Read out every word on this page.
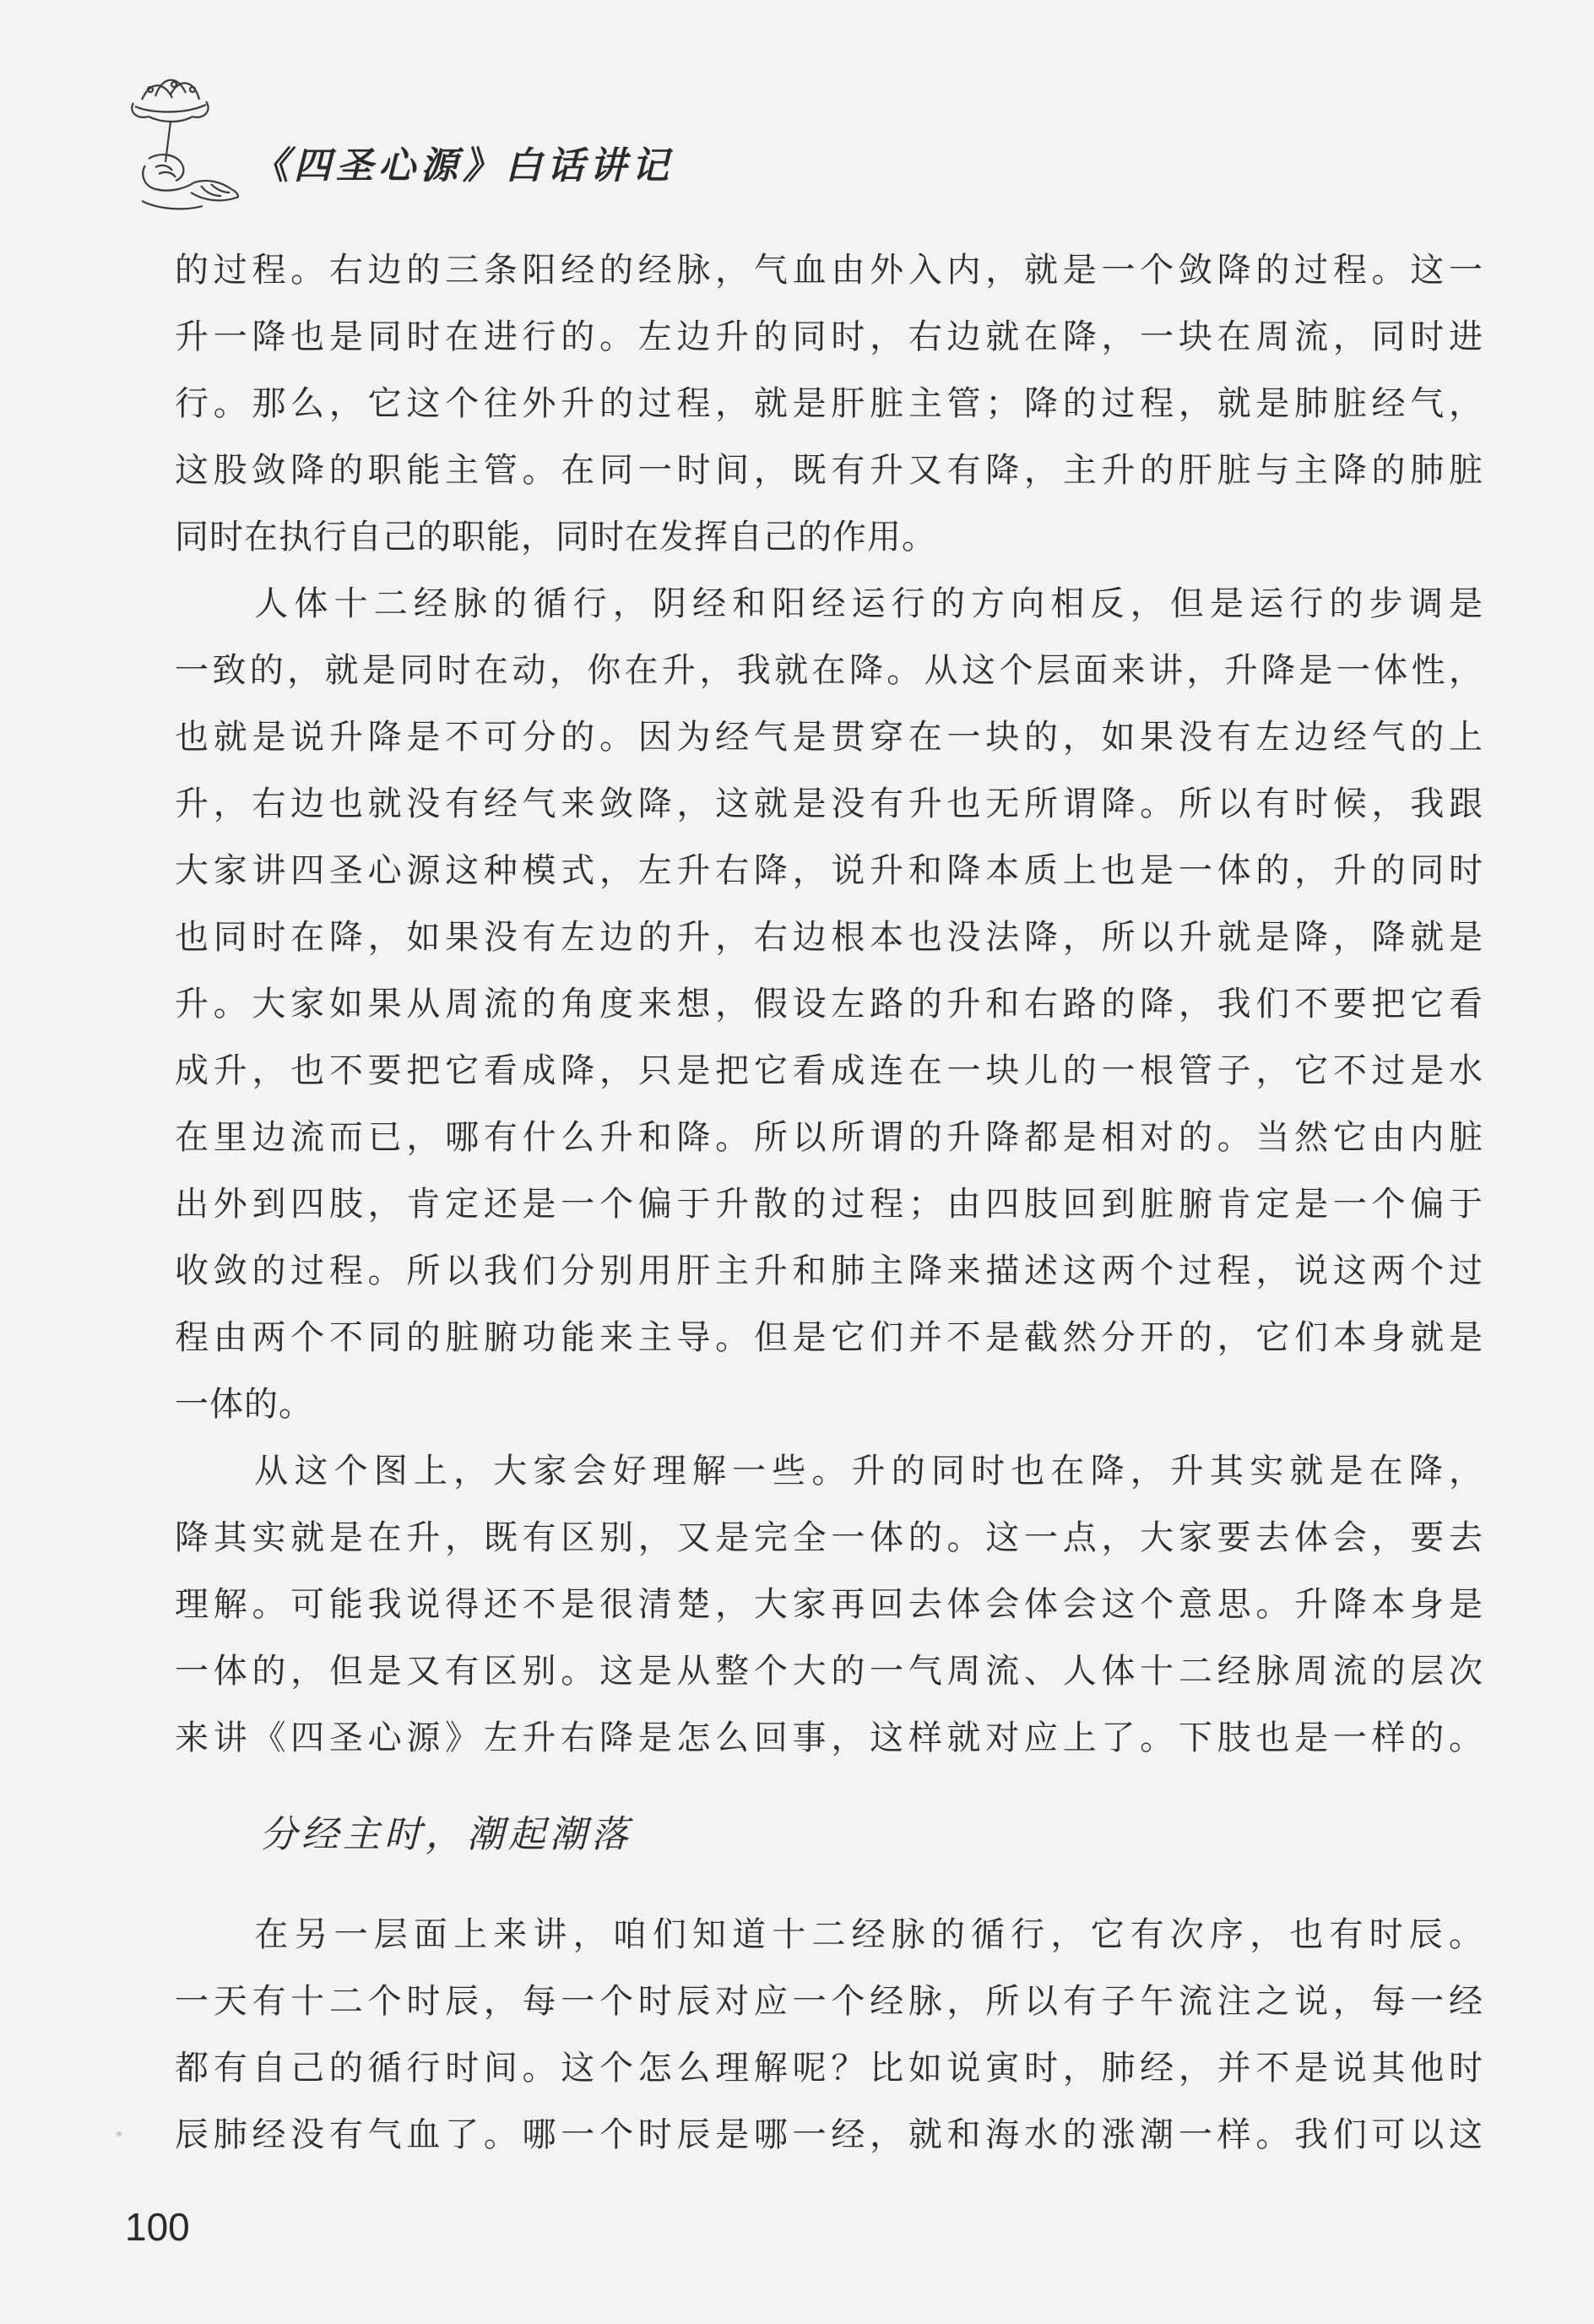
《四圣心源》白话讲记
的过程。右边的三条阳经的经脉，气血由外入内，就是一个敛降的过程。这一
升一降也是同时在进行的。左边升的同时，右边就在降，一块在周流，同时进
行。那么，它这个往外升的过程，就是肝脏主管；降的过程，就是肺脏经气，
这股敛降的职能主管。在同一时间，既有升又有降，主升的肝脏与主降的肺脏
同时在执行自己的职能，同时在发挥自己的作用。
　　人体十二经脉的循行，阴经和阳经运行的方向相反，但是运行的步调是
一致的，就是同时在动，你在升，我就在降。从这个层面来讲，升降是一体性，
也就是说升降是不可分的。因为经气是贯穿在一块的，如果没有左边经气的上
升，右边也就没有经气来敛降，这就是没有升也无所谓降。所以有时候，我跟
大家讲四圣心源这种模式，左升右降，说升和降本质上也是一体的，升的同时
也同时在降，如果没有左边的升，右边根本也没法降，所以升就是降，降就是
升。大家如果从周流的角度来想，假设左路的升和右路的降，我们不要把它看
成升，也不要把它看成降，只是把它看成连在一块儿的一根管子，它不过是水
在里边流而已，哪有什么升和降。所以所谓的升降都是相对的。当然它由内脏
出外到四肢，肯定还是一个偏于升散的过程；由四肢回到脏腑肯定是一个偏于
收敛的过程。所以我们分别用肝主升和肺主降来描述这两个过程，说这两个过
程由两个不同的脏腑功能来主导。但是它们并不是截然分开的，它们本身就是
一体的。
　　从这个图上，大家会好理解一些。升的同时也在降，升其实就是在降，
降其实就是在升，既有区别，又是完全一体的。这一点，大家要去体会，要去
理解。可能我说得还不是很清楚，大家再回去体会体会这个意思。升降本身是
一体的，但是又有区别。这是从整个大的一气周流、人体十二经脉周流的层次
来讲《四圣心源》左升右降是怎么回事，这样就对应上了。下肢也是一样的。
分经主时，潮起潮落
　　在另一层面上来讲，咱们知道十二经脉的循行，它有次序，也有时辰。
一天有十二个时辰，每一个时辰对应一个经脉，所以有子午流注之说，每一经
都有自己的循行时间。这个怎么理解呢？比如说寅时，肺经，并不是说其他时
辰肺经没有气血了。哪一个时辰是哪一经，就和海水的涨潮一样。我们可以这
100
